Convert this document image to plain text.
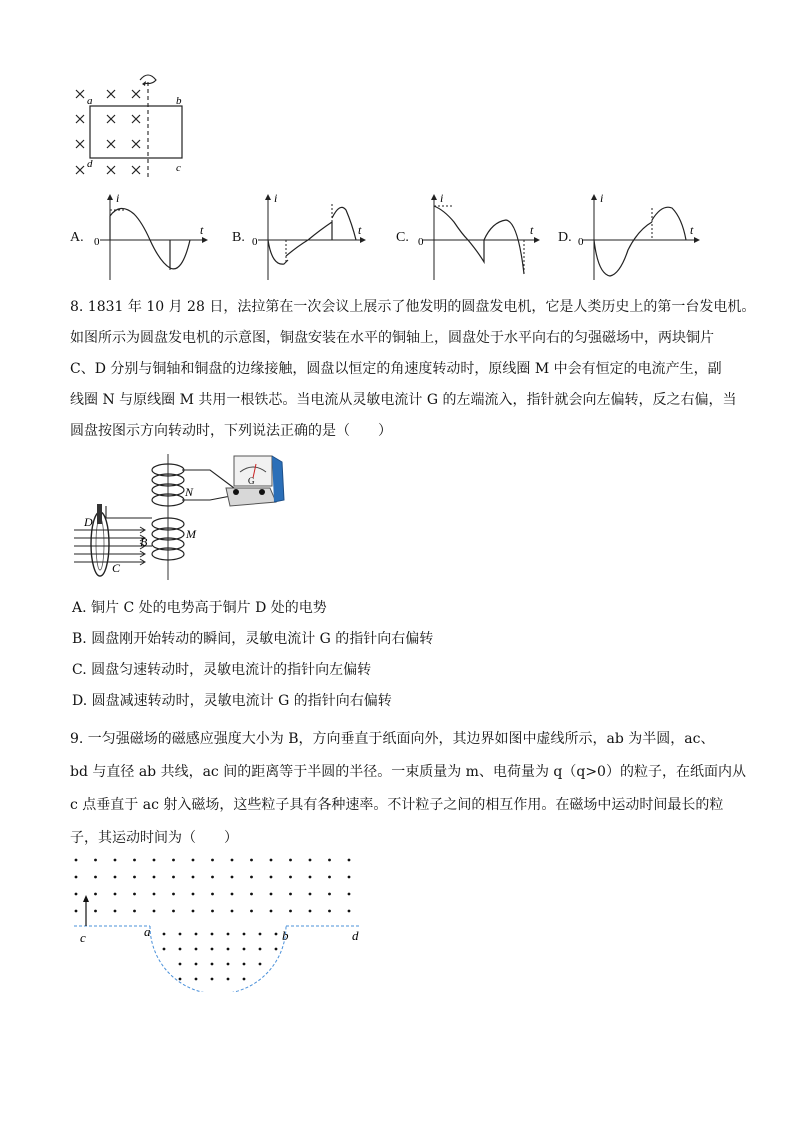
a	b
d	c
A.
i
t
0	B.
i
t
0	C.
i
t
0	D.
i
t
0
8. 1831 年 10 月 28 日，法拉第在一次会议上展示了他发明的圆盘发电机，它是人类历史上的第一台发电机。
如图所示为圆盘发电机的示意图，铜盘安装在水平的铜轴上，圆盘处于水平向右的匀强磁场中，两块铜片
C、D 分别与铜轴和铜盘的边缘接触，圆盘以恒定的角速度转动时，原线圈 M 中会有恒定的电流产生，副
线圈 N 与原线圈 M 共用一根铁芯。当电流从灵敏电流计 G 的左端流入，指针就会向左偏转，反之右偏，当
圆盘按图示方向转动时，下列说法正确的是（　　）
N
M
G
D
B
C
A. 铜片 C 处的电势高于铜片 D 处的电势
B. 圆盘刚开始转动的瞬间，灵敏电流计 G 的指针向右偏转
C. 圆盘匀速转动时，灵敏电流计的指针向左偏转
D. 圆盘减速转动时，灵敏电流计 G 的指针向右偏转
9. 一匀强磁场的磁感应强度大小为 B，方向垂直于纸面向外，其边界如图中虚线所示，ab 为半圆，ac、
bd 与直径 ab 共线，ac 间的距离等于半圆的半径。一束质量为 m、电荷量为 q（q>0）的粒子，在纸面内从
c 点垂直于 ac 射入磁场，这些粒子具有各种速率。不计粒子之间的相互作用。在磁场中运动时间最长的粒
子，其运动时间为（　　）
c	a	b	d
